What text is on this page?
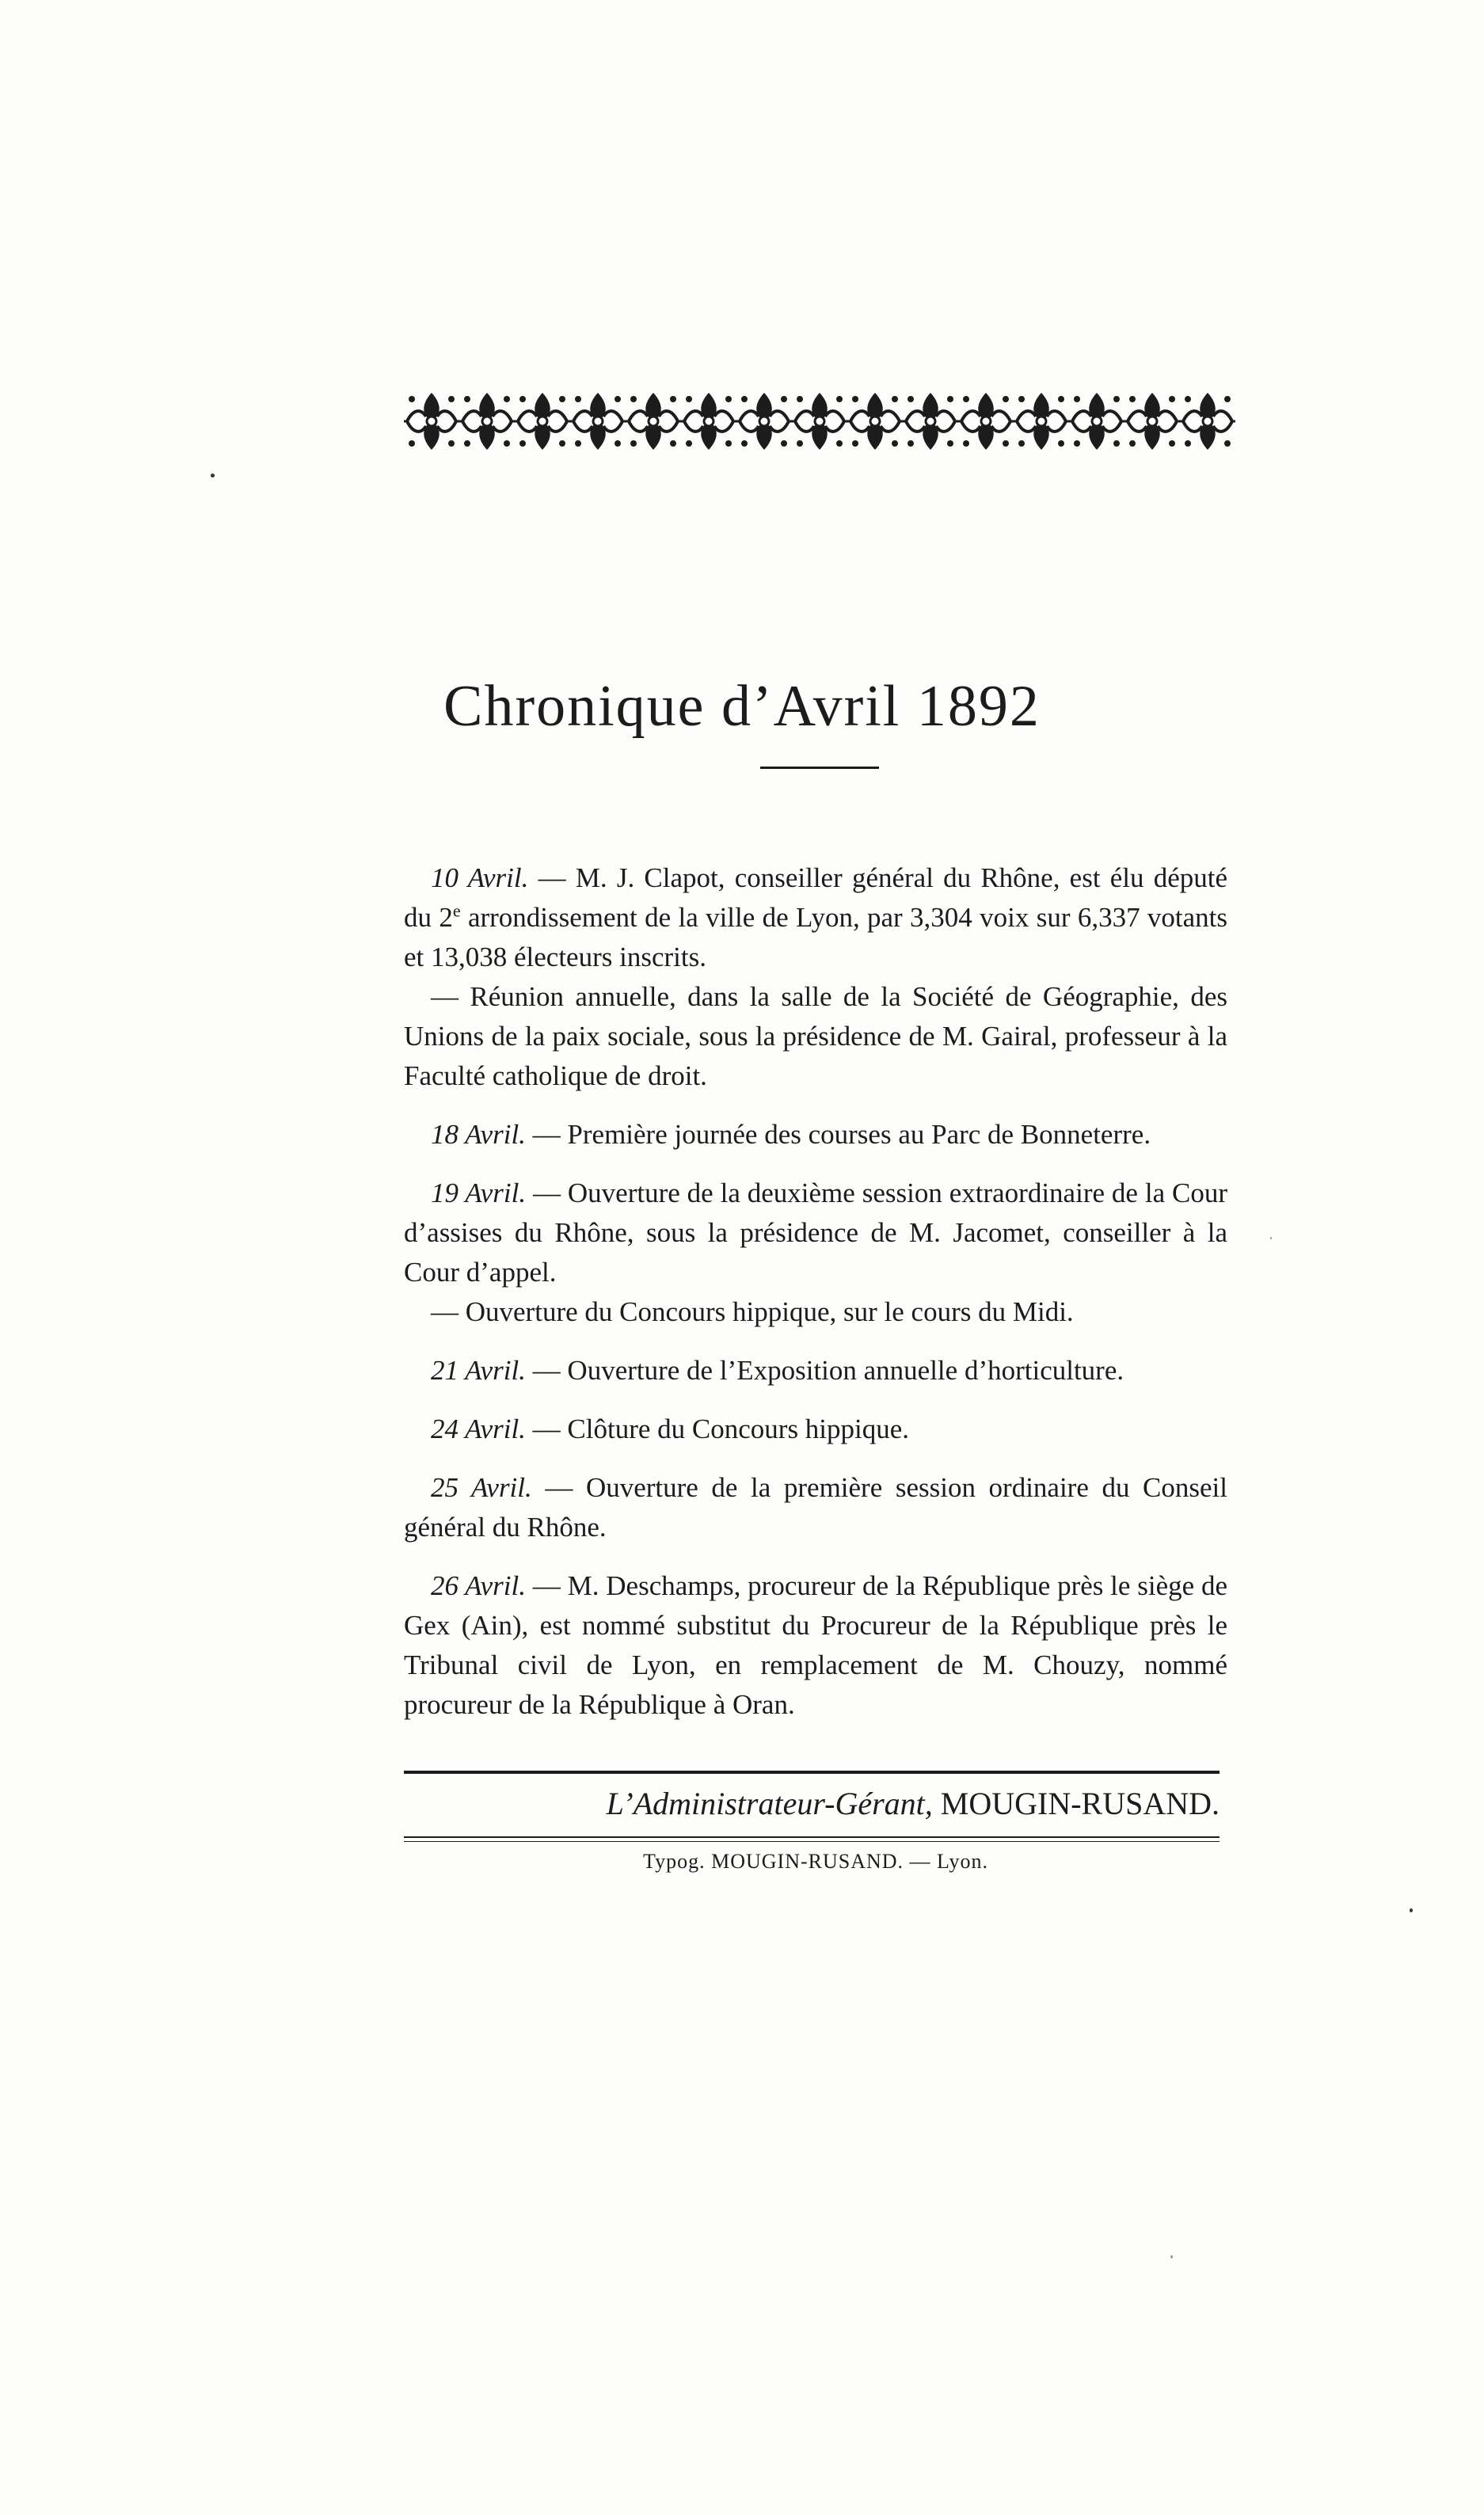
Chronique d’Avril 1892

10 Avril. — M. J. Clapot, conseiller général du Rhône, est élu député du 2e arrondissement de la ville de Lyon, par 3,304 voix sur 6,337 votants et 13,038 électeurs inscrits.

— Réunion annuelle, dans la salle de la Société de Géographie, des Unions de la paix sociale, sous la présidence de M. Gairal, professeur à la Faculté catholique de droit.

18 Avril. — Première journée des courses au Parc de Bonneterre.

19 Avril. — Ouverture de la deuxième session extraordinaire de la Cour d’assises du Rhône, sous la présidence de M. Jacomet, conseiller à la Cour d’appel.

— Ouverture du Concours hippique, sur le cours du Midi.

21 Avril. — Ouverture de l’Exposition annuelle d’horticulture.

24 Avril. — Clôture du Concours hippique.

25 Avril. — Ouverture de la première session ordinaire du Conseil général du Rhône.

26 Avril. — M. Deschamps, procureur de la République près le siège de Gex (Ain), est nommé substitut du Procureur de la République près le Tribunal civil de Lyon, en remplacement de M. Chouzy, nommé procureur de la République à Oran.

L’Administrateur-Gérant, MOUGIN-RUSAND.
Typog. MOUGIN-RUSAND. — Lyon.
